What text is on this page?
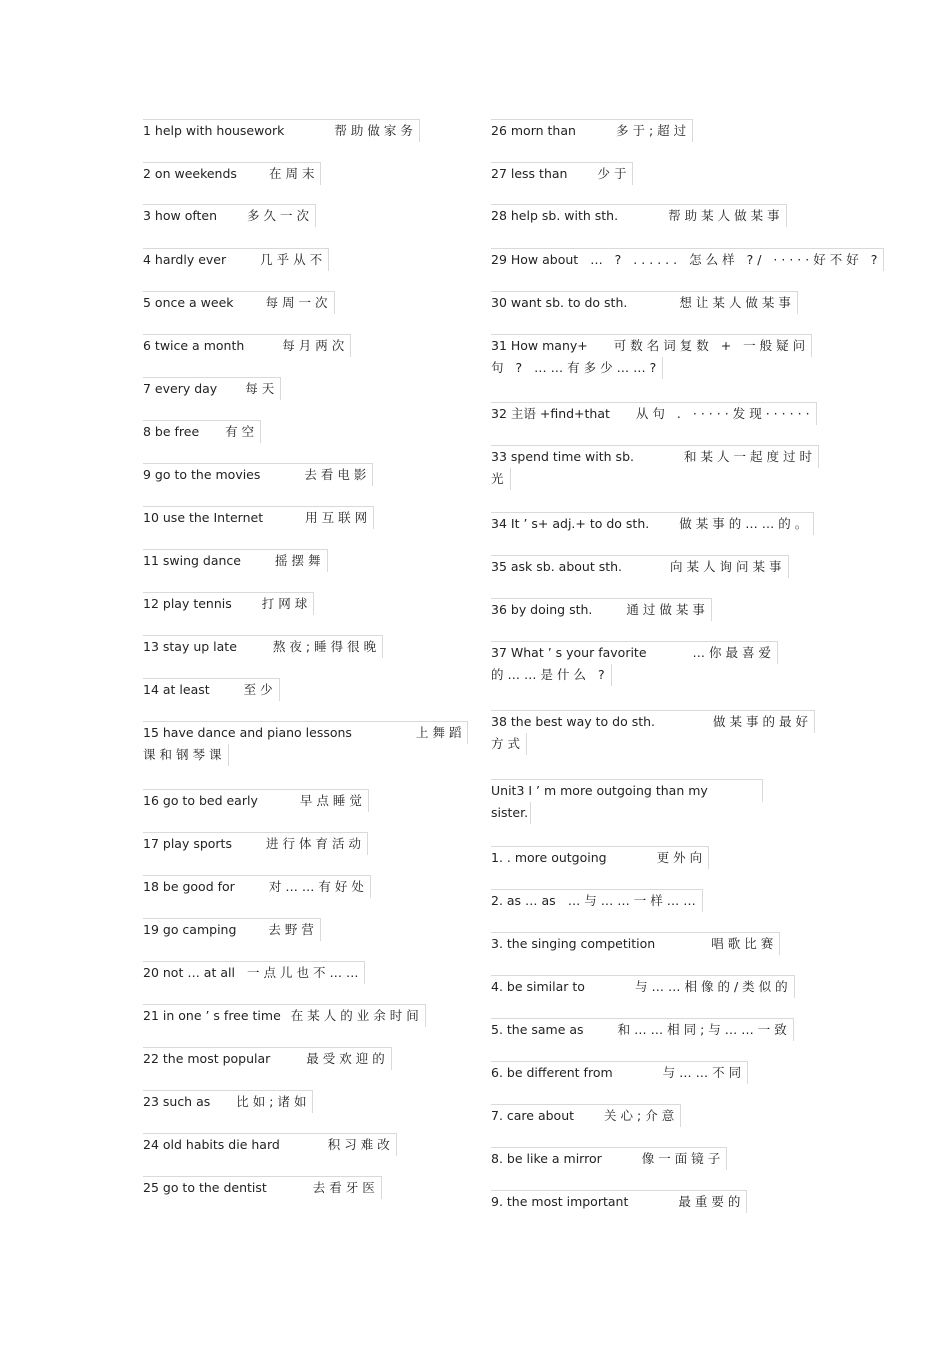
1 help with housework	帮助做家务
2 on weekends	在周末
3 how often 多久一次
4 hardly ever	几乎从不
5 once a week	每周一次
6 twice a month	每月两次
7 every day 每天
8 be free 有空
9 go to the movies	去看电影
10 use the Internet	用互联网
11 swing dance	摇摆舞
12 play tennis 打网球
13 stay up late	熬夜;睡得很晚
14 at least	至少
15 have dance and piano lessons	上舞蹈
课和钢琴课
16 go to bed early	早点睡觉
17 play sports	进行体育活动
18 be good for	对……有好处
19 go camping	去野营
20 not … at all 一点儿也不……
21 in one ’ s free time 在某人的业余时间
22 the most popular	最受欢迎的
23 such as 比如;诸如
24 old habits die hard	积习难改
25 go to the dentist	去看牙医
26 morn than	多于;超过
27 less than 少于
28 help sb. with sth.	帮助某人做某事
29 How about … ? ...... 怎么样 ?/ ·····好不好 ?
30 want sb. to do sth.	想让某人做某事
31 How many+ 可数名词复数 + 一般疑问
句 ? ……有多少……?
32 主语 +find+that 从句 . ·····发现······
33 spend time with sb.	和某人一起度过时
光
34 It ’ s+ adj.+ to do sth. 做某事的……的。
35 ask sb. about sth.	向某人询问某事
36 by doing sth.	通过做某事
37 What ’ s your favorite	…你最喜爱
的……是什么 ?
38 the best way to do sth.	做某事的最好
方式
Unit3 I ’ m more outgoing than my
sister.
1. . more outgoing	更外向
2. as … as …与……一样……
3. the singing competition	唱歌比赛
4. be similar to	与……相像的/类似的
5. the same as	和……相同;与……一致
6. be different from	与……不同
7. care about 关心;介意
8. be like a mirror	像一面镜子
9. the most important	最重要的
